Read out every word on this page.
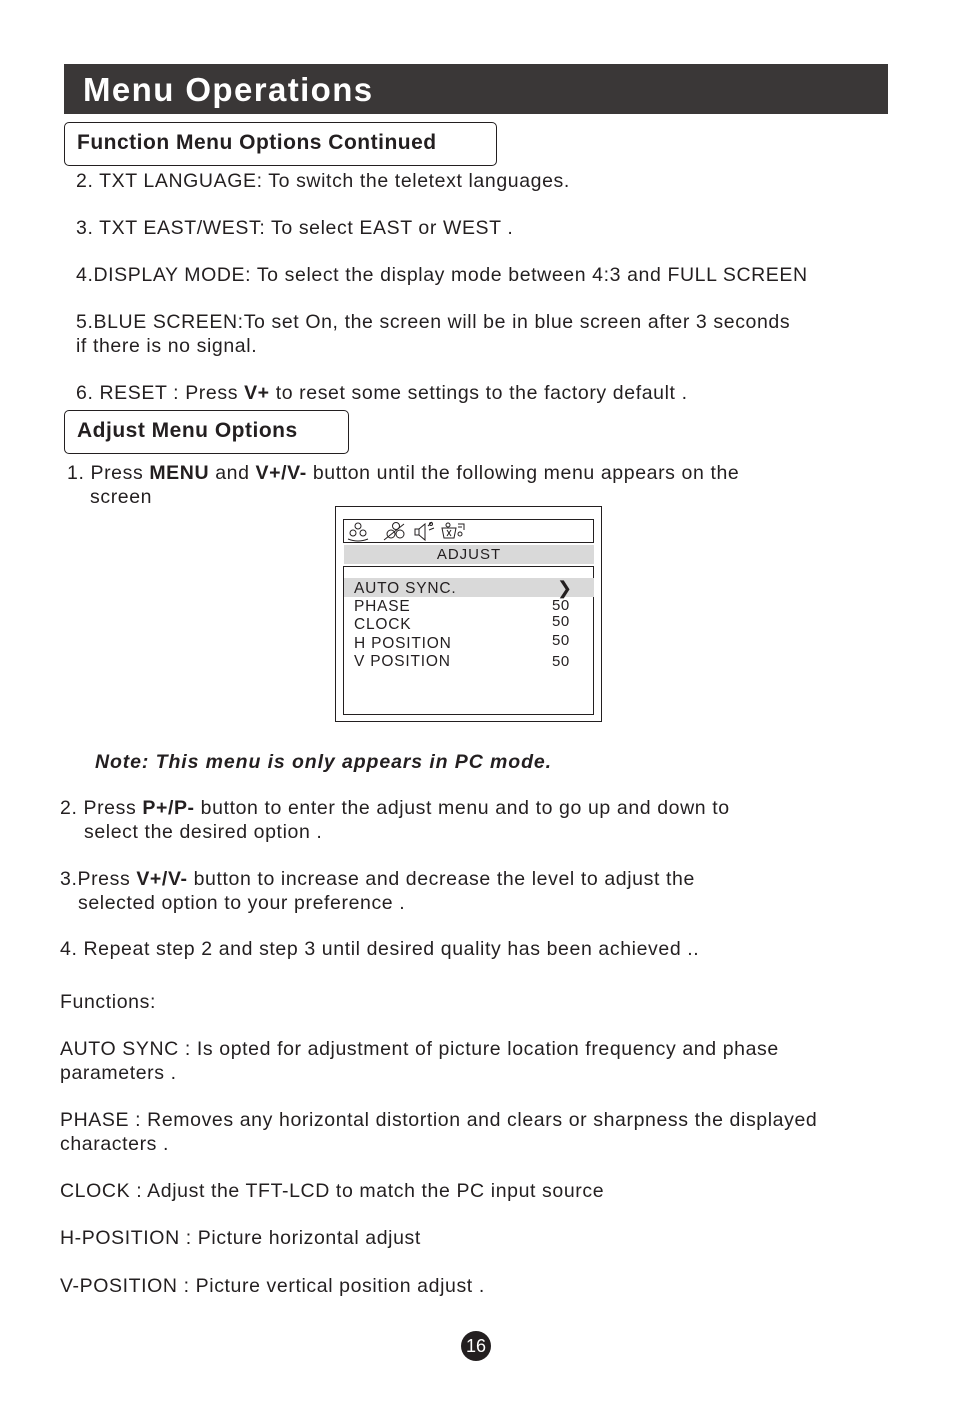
Menu Operations
Function Menu Options Continued
2. TXT LANGUAGE: To switch the teletext languages.
3. TXT EAST/WEST: To select EAST or WEST .
4.DISPLAY MODE: To select the display mode between 4:3 and FULL SCREEN
5.BLUE SCREEN:To set On, the screen will be in blue screen after 3 seconds
if there is no signal.
6. RESET : Press V+ to reset some settings to the factory default .
Adjust Menu Options
1. Press MENU and V+/V- button until the following menu appears on the
screen
ADJUST
AUTO SYNC.	❯
PHASE	50
CLOCK	50
H POSITION	50
V POSITION	50
Note: This menu is only appears in PC mode.
2. Press P+/P- button to enter the adjust menu and to go up and down to
select the desired option .
3.Press V+/V- button to increase and decrease the level to adjust the
selected option to your preference .
4. Repeat step 2 and step 3 until desired quality has been achieved ..
Functions:
AUTO SYNC : Is opted for adjustment of picture location frequency and phase
parameters .
PHASE : Removes any horizontal distortion and clears or sharpness the displayed
characters .
CLOCK : Adjust the TFT-LCD to match the PC input source
H-POSITION : Picture horizontal adjust
V-POSITION : Picture vertical position adjust .
16
